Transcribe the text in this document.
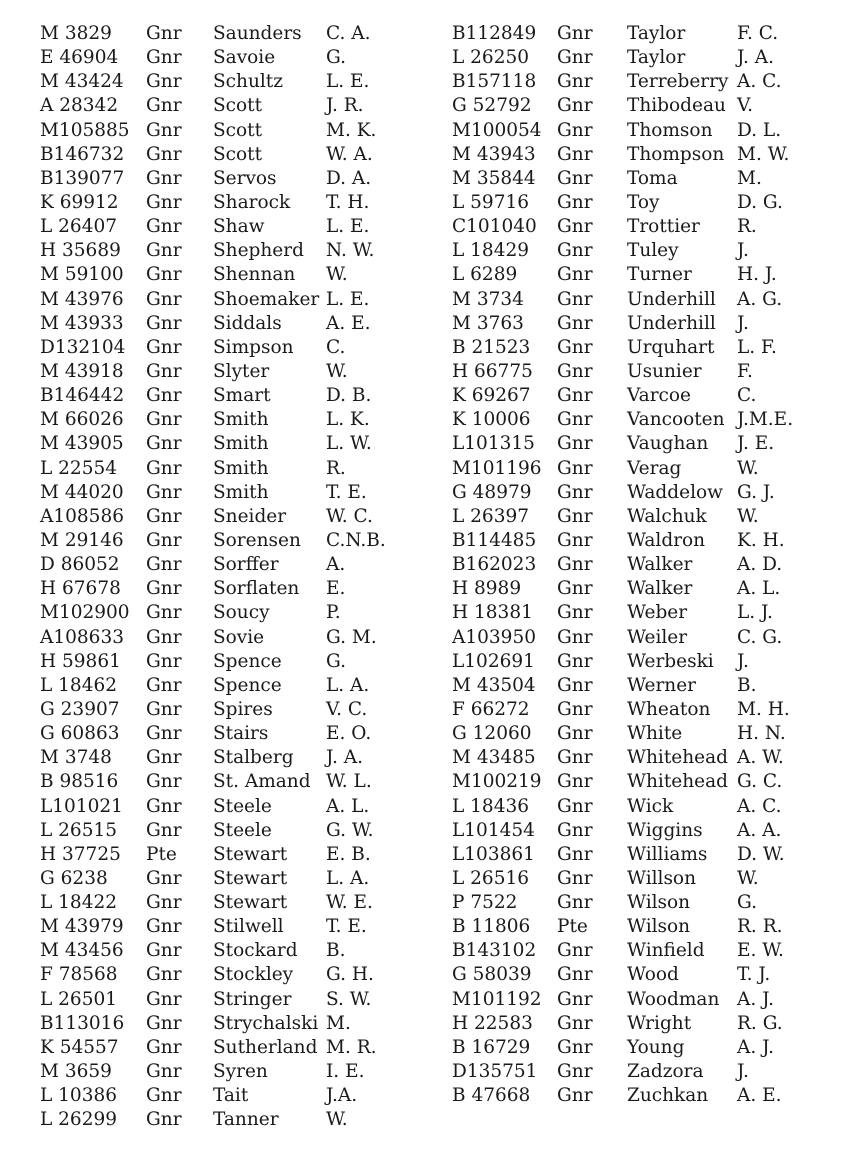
M 3829 Gnr Saunders C. A.
E 46904 Gnr Savoie	G.
M 43424 Gnr Schultz L. E.
A 28342 Gnr Scott	J. R.
M105885 Gnr Scott	M. K.
B146732 Gnr Scott	W. A.
B139077 Gnr Servos	D. A.
K 69912 Gnr Sharock T. H.
L 26407 Gnr Shaw	L. E.
H 35689 Gnr Shepherd N. W.
M 59100 Gnr Shennan W.
M 43976 Gnr Shoemaker L. E.
M 43933 Gnr Siddals A. E.
D132104 Gnr Simpson C.
M 43918 Gnr Slyter	W.
B146442 Gnr Smart	D. B.
M 66026 Gnr Smith	L. K.
M 43905 Gnr Smith	L. W.
L 22554 Gnr Smith	R.
M 44020 Gnr Smith	T. E.
A108586 Gnr Sneider W. C.
M 29146 Gnr Sorensen C.N.B.
D 86052 Gnr Sorffer	A.
H 67678 Gnr Sorflaten E.
M102900 Gnr Soucy	P.
A108633 Gnr Sovie	G. M.
H 59861 Gnr Spence G.
L 18462 Gnr Spence L. A.
G 23907 Gnr Spires	V. C.
G 60863 Gnr Stairs	E. O.
M 3748 Gnr Stalberg J. A.
B 98516 Gnr St. Amand W. L.
L101021 Gnr Steele	A. L.
L 26515 Gnr Steele	G. W.
H 37725 Pte Stewart E. B.
G 6238 Gnr Stewart L. A.
L 18422 Gnr Stewart W. E.
M 43979 Gnr Stilwell T. E.
M 43456 Gnr Stockard B.
F 78568 Gnr Stockley G. H.
L 26501 Gnr Stringer S. W.
B113016 Gnr Strychalski M.
K 54557 Gnr Sutherland M. R.
M 3659 Gnr Syren	I. E.
L 10386 Gnr Tait	J.A.
L 26299 Gnr Tanner	W.
B112849 Gnr Taylor	F. C.
L 26250 Gnr Taylor	J. A.
B157118 Gnr Terreberry A. C.
G 52792 Gnr Thibodeau V.
M100054 Gnr Thomson D. L.
M 43943 Gnr Thompson M. W.
M 35844 Gnr Toma	M.
L 59716 Gnr Toy	D. G.
C101040 Gnr Trottier R.
L 18429 Gnr Tuley	J.
L 6289 Gnr Turner H. J.
M 3734 Gnr Underhill A. G.
M 3763 Gnr Underhill J.
B 21523 Gnr Urquhart L. F.
H 66775 Gnr Usunier F.
K 69267 Gnr Varcoe C.
K 10006 Gnr Vancooten J.M.E.
L101315 Gnr Vaughan J. E.
M101196 Gnr Verag	W.
G 48979 Gnr Waddelow G. J.
L 26397 Gnr Walchuk W.
B114485 Gnr Waldron K. H.
B162023 Gnr Walker A. D.
H 8989 Gnr Walker A. L.
H 18381 Gnr Weber	L. J.
A103950 Gnr Weiler	C. G.
L102691 Gnr Werbeski J.
M 43504 Gnr Werner B.
F 66272 Gnr Wheaton M. H.
G 12060 Gnr White	H. N.
M 43485 Gnr Whitehead A. W.
M100219 Gnr Whitehead G. C.
L 18436 Gnr Wick	A. C.
L101454 Gnr Wiggins A. A.
L103861 Gnr Williams D. W.
L 26516 Gnr Willson W.
P 7522 Gnr Wilson	G.
B 11806 Pte Wilson	R. R.
B143102 Gnr Winfield E. W.
G 58039 Gnr Wood	T. J.
M101192 Gnr Woodman A. J.
H 22583 Gnr Wright R. G.
B 16729 Gnr Young	A. J.
D135751 Gnr Zadzora J.
B 47668 Gnr Zuchkan A. E.
